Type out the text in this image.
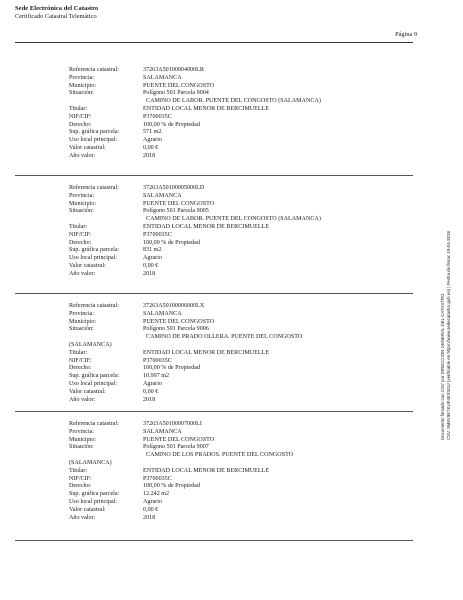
Sede Electrónica del Catastro
Certificado Catastral Telemático
Página 9
Referencia catastral:	37263A50100004000LR
Provincia:	SALAMANCA
Municipio:	PUENTE DEL CONGOSTO
Situación:	Polígono 501 Parcela 9004
CAMINO DE LABOR. PUENTE DEL CONGOSTO (SALAMANCA)
Titular:	ENTIDAD LOCAL MENOR DE BERCIMUELLE
NIF/CIF:	P3700035C
Derecho:	100,00 % de Propiedad
Sup. gráfica parcela:	571 m2
Uso local principal:	Agrario
Valor catastral:	0,00 €
Año valor:	2018
Referencia catastral:	37263A50100005000LD
Provincia:	SALAMANCA
Municipio:	PUENTE DEL CONGOSTO
Situación:	Polígono 501 Parcela 9005
CAMINO DE LABOR. PUENTE DEL CONGOSTO (SALAMANCA)
Titular:	ENTIDAD LOCAL MENOR DE BERCIMUELLE
NIF/CIF:	P3700035C
Derecho:	100,00 % de Propiedad
Sup. gráfica parcela:	831 m2
Uso local principal:	Agrario
Valor catastral:	0,00 €
Año valor:	2018
Referencia catastral:	37263A50100006000LX
Provincia:	SALAMANCA
Municipio:	PUENTE DEL CONGOSTO
Situación:	Polígono 501 Parcela 9006
CAMINO DE PRADO OLLERA. PUENTE DEL CONGOSTO
(SALAMANCA)
Titular:	ENTIDAD LOCAL MENOR DE BERCIMUELLE
NIF/CIF:	P3700035C
Derecho:	100,00 % de Propiedad
Sup. gráfica parcela:	10.997 m2
Uso local principal:	Agrario
Valor catastral:	0,00 €
Año valor:	2018
Referencia catastral:	37263A50100007000LI
Provincia:	SALAMANCA
Municipio:	PUENTE DEL CONGOSTO
Situación:	Polígono 501 Parcela 9007
CAMINO DE LOS PRADOS. PUENTE DEL CONGOSTO
(SALAMANCA)
Titular:	ENTIDAD LOCAL MENOR DE BERCIMUELLE
NIF/CIF:	P3700035C
Derecho:	100,00 % de Propiedad
Sup. gráfica parcela:	12.242 m2
Uso local principal:	Agrario
Valor catastral:	0,00 €
Año valor:	2018
Documento firmado con CSV por DIRECCION GENERAL DEL CATASTRO CSV: 9M6V9E7KUF4EX3GU (verificable en https://www.sedecatastro.gob.es) | Fecha de firma: 19-04-2018
